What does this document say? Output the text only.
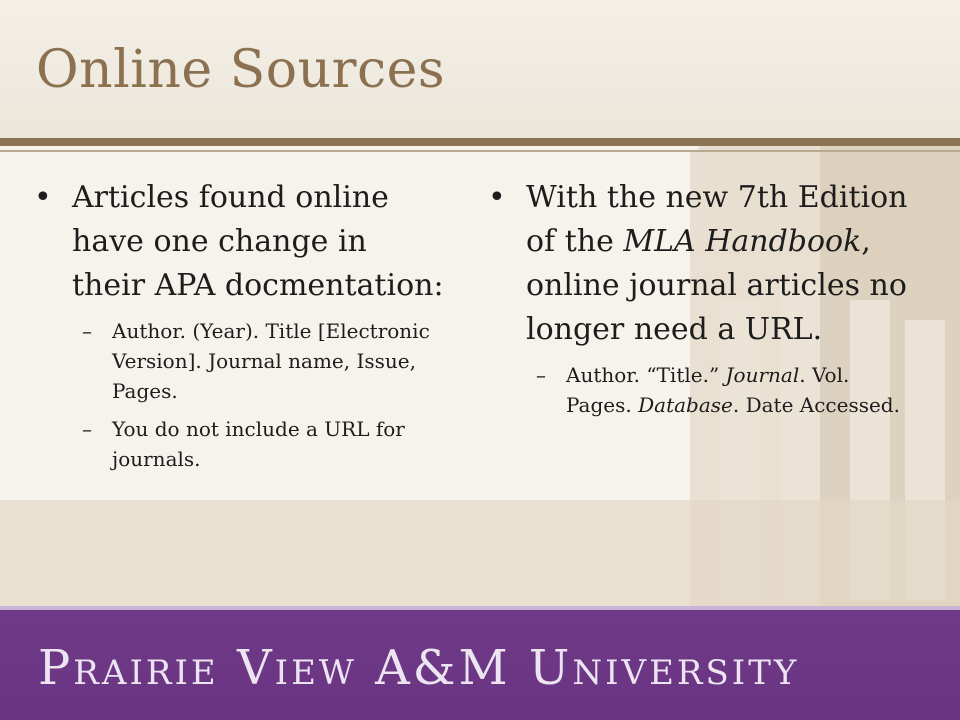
Online Sources
• Articles found online have one change in their APA docmentation:
–	Author. (Year). Title [Electronic Version]. Journal name, Issue, Pages.
–	You do not include a URL for journals.
• With the new 7th Edition of the MLA Handbook, online journal articles no longer need a URL.
–	Author. “Title.” Journal. Vol. Pages. Database. Date Accessed.
Prairie View A&M University
